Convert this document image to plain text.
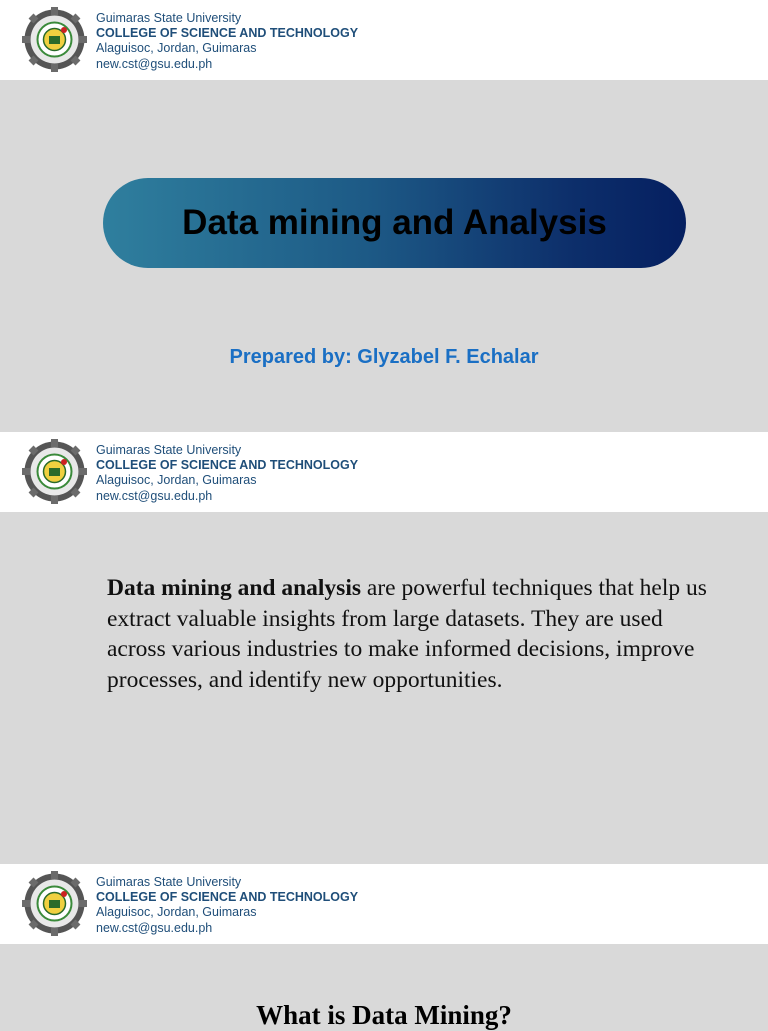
Guimaras State University
COLLEGE OF SCIENCE AND TECHNOLOGY
Alaguisoc, Jordan, Guimaras
new.cst@gsu.edu.ph
Data mining and Analysis
Prepared by: Glyzabel F. Echalar
Guimaras State University
COLLEGE OF SCIENCE AND TECHNOLOGY
Alaguisoc, Jordan, Guimaras
new.cst@gsu.edu.ph
Data mining and analysis are powerful techniques that help us extract valuable insights from large datasets. They are used across various industries to make informed decisions, improve processes, and identify new opportunities.
Guimaras State University
COLLEGE OF SCIENCE AND TECHNOLOGY
Alaguisoc, Jordan, Guimaras
new.cst@gsu.edu.ph
What is Data Mining?
